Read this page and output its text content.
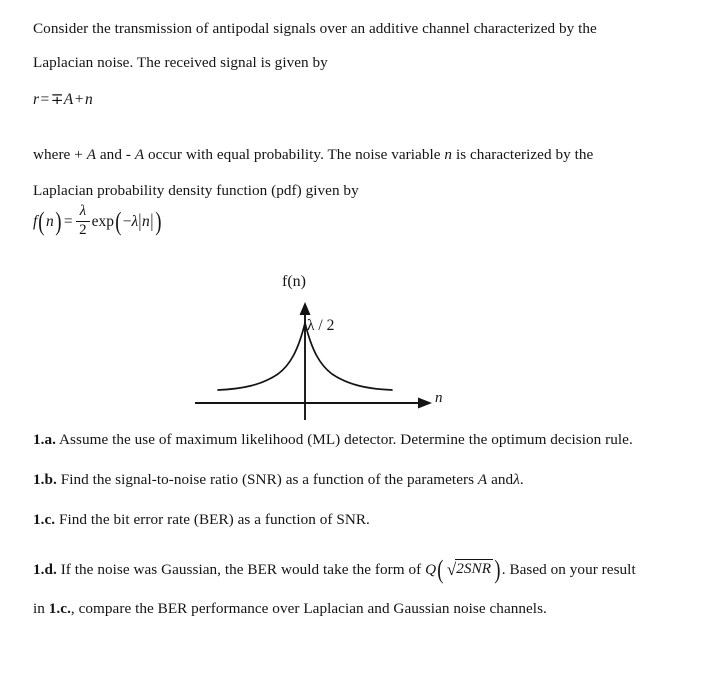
Consider the transmission of antipodal signals over an additive channel characterized by the
Laplacian noise. The received signal is given by
r=∓A+n
where + A and - A occur with equal probability. The noise variable n is characterized by the
Laplacian probability density function (pdf) given by
$f(n) = \frac{\lambda}{2} \exp(-\lambda|n|)$
f(n)
λ / 2
n
1.a. Assume the use of maximum likelihood (ML) detector. Determine the optimum decision rule.
1.b. Find the signal-to-noise ratio (SNR) as a function of the parameters A andλ.
1.c. Find the bit error rate (BER) as a function of SNR.
1.d. If the noise was Gaussian, the BER would take the form of Q( √2SNR ). Based on your result
in 1.c., compare the BER performance over Laplacian and Gaussian noise channels.
